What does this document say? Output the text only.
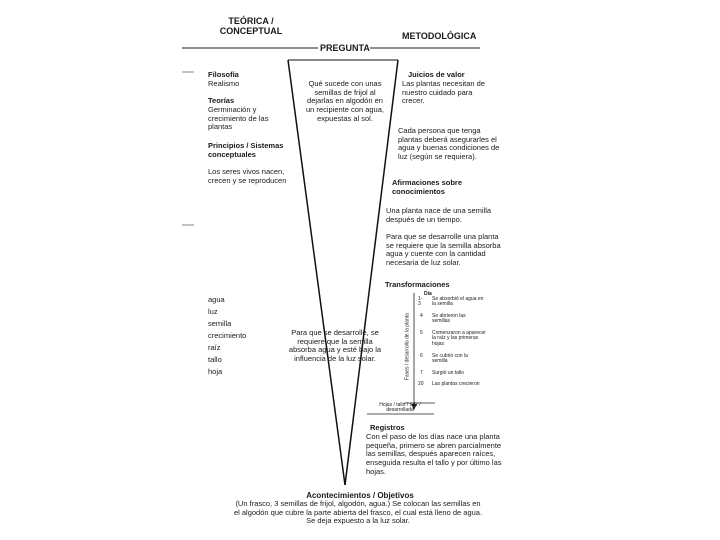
TEÓRICA /
CONCEPTUAL	METODOLÓGICA
PREGUNTA
Qué sucede con unas semillas de frijol al dejarlas en algodón en un recipiente con agua, expuestas al sol.
Filosofía
Realismo
Teorías
Germinación y crecimiento de las plantas
Principios / Sistemas conceptuales
Los seres vivos nacen, crecen y se reproducen
agua
luz
semilla
crecimiento
raíz
tallo
hoja
Para que se desarrolle, se requiere que la semilla absorba agua y esté bajo la influencia de la luz solar.
Juicios de valor
Las plantas necesitan de nuestro cuidado para crecer.
Cada persona que tenga plantas deberá asegurarles el agua y buenas condiciones de luz (según se requiera).
Afirmaciones sobre conocimientos
Una planta nace de una semilla después de un tiempo.
Para que se desarrolle una planta se requiere que la semilla absorba agua y cuente con la cantidad necesaria de luz solar.
Transformaciones
Día
Fases / desarrollo de la planta
1-3
Se absorbió el agua en la semilla
4 Se abrieron las semillas
5 Comenzaron a aparecer la raíz y las primeras hojas
6 Se cubrió con la semilla
7 Surgió un tallo
20 Las plantas crecieron
Hojas / tallo / raíz / desarrollada
Registros
Con el paso de los días nace una planta pequeña, primero se abren parcialmente las semillas, después aparecen raíces, enseguida resulta el tallo y por último las hojas.
Acontecimientos / Objetivos
(Un frasco, 3 semillas de frijol, algodón, agua.) Se colocan las semillas en el algodón que cubre la parte abierta del frasco, el cual está lleno de agua. Se deja expuesto a la luz solar.
